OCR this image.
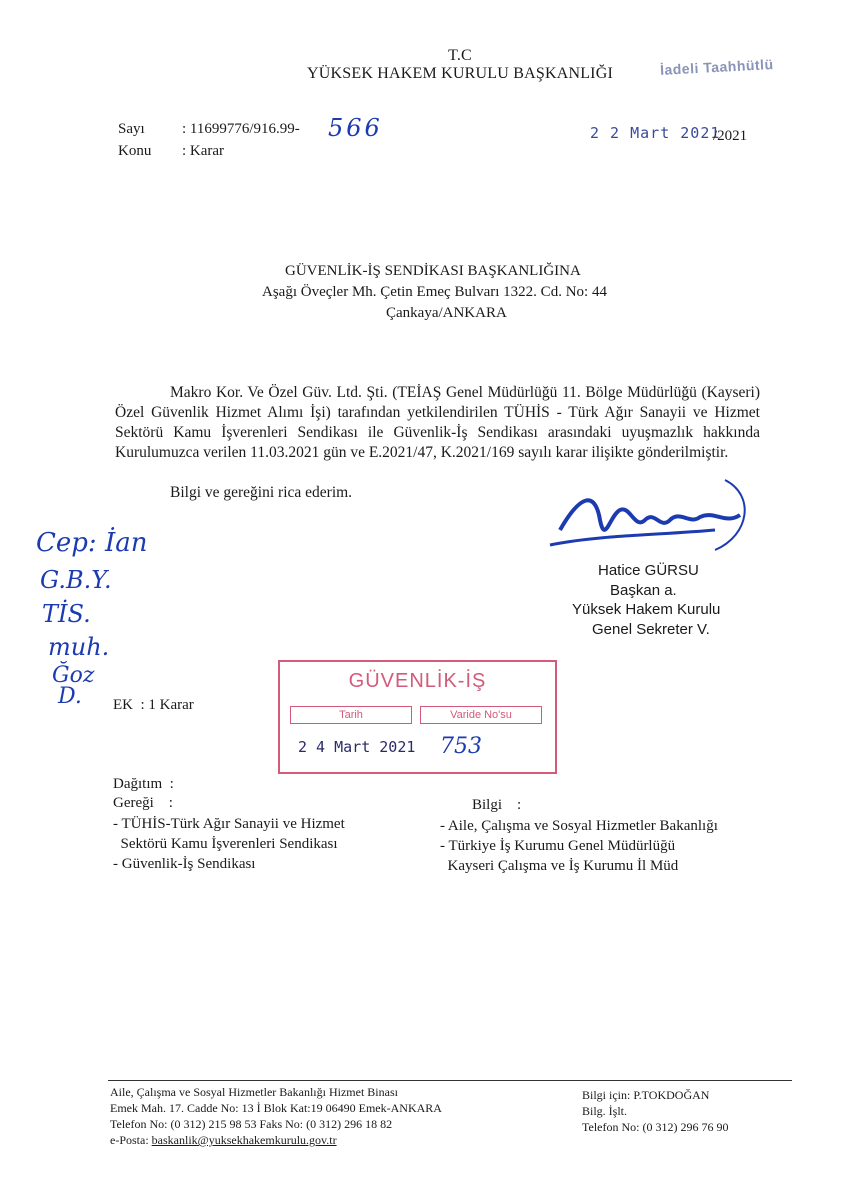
T.C
YÜKSEK HAKEM KURULU BAŞKANLIĞI	İadeli Taahhütlü
Sayı : 11699776/916.99- 566
Konu : Karar
2 2 Mart 2021
/2021
GÜVENLİK-İŞ SENDİKASI BAŞKANLIĞINA
Aşağı Öveçler Mh. Çetin Emeç Bulvarı 1322. Cd. No: 44
Çankaya/ANKARA
Makro Kor. Ve Özel Güv. Ltd. Şti. (TEİAŞ Genel Müdürlüğü 11. Bölge Müdürlüğü (Kayseri) Özel Güvenlik Hizmet Alımı İşi) tarafından yetkilendirilen TÜHİS - Türk Ağır Sanayii ve Hizmet Sektörü Kamu İşverenleri Sendikası ile Güvenlik-İş Sendikası arasındaki uyuşmazlık hakkında Kurulumuzca verilen 11.03.2021 gün ve E.2021/47, K.2021/169 sayılı karar ilişikte gönderilmiştir.
Bilgi ve gereğini rica ederim.
Hatice GÜRSU
Başkan a.
Yüksek Hakem Kurulu
Genel Sekreter V.
Cep: İan
G.B.Y.
TİS.
muh.
Ğoz
D. EK  : 1 Karar
GÜVENLİK-İŞ
Tarih	Varide No'su
2 4 Mart 2021 753
Dağıtım  :
Gereği    :
- TÜHİS-Türk Ağır Sanayii ve Hizmet
Sektörü Kamu İşverenleri Sendikası
- Güvenlik-İş Sendikası
Bilgi    :
- Aile, Çalışma ve Sosyal Hizmetler Bakanlığı
- Türkiye İş Kurumu Genel Müdürlüğü
Kayseri Çalışma ve İş Kurumu İl Müd
Aile, Çalışma ve Sosyal Hizmetler Bakanlığı Hizmet Binası
Emek Mah. 17. Cadde No: 13 İ Blok Kat:19 06490 Emek-ANKARA
Telefon No: (0 312) 215 98 53 Faks No: (0 312) 296 18 82
e-Posta: baskanlik@yuksekhakemkurulu.gov.tr
Bilgi için: P.TOKDOĞAN
Bilg. İşlt.
Telefon No: (0 312) 296 76 90
